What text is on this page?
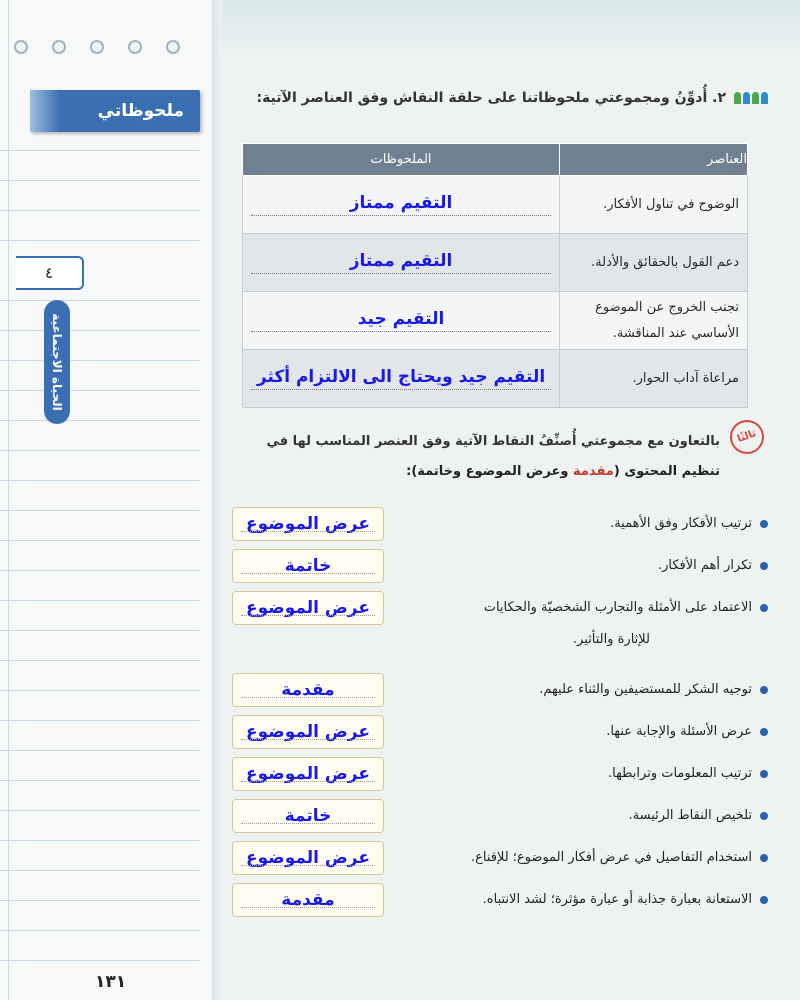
ملحوظاتي
٤
الحياة الاجتماعية
١٣١
٢. أُدوِّنُ ومجموعتي ملحوظاتنا على حلقة النقاش وفق العناصر الآتية:
العناصر	الملحوظات
الوضوح في تناول الأفكار.	التقيم ممتاز
دعم القول بالحقائق والأدلة.	التقيم ممتاز
تجنب الخروج عن الموضوع الأساسي عند المناقشة.	التقيم جيد
مراعاة آداب الحوار.	التقيم جيد ويحتاج الى الالتزام أكثر
ثالثًا
بالتعاون مع مجموعتي أُصنِّفُ النقاط الآتية وفق العنصر المناسب لها في
تنظيم المحتوى (مقدمة وعرض الموضوع وخاتمة):
ترتيب الأفكار وفق الأهمية.
عرض الموضوع
تكرار أهم الأفكار.
خاتمة
الاعتماد على الأمثلة والتجارب الشخصيّة والحكايات
عرض الموضوع
للإثارة والتأثير.
توجيه الشكر للمستضيفين والثناء عليهم.
مقدمة
عرض الأسئلة والإجابة عنها.
عرض الموضوع
ترتيب المعلومات وترابطها.
عرض الموضوع
تلخيص النقاط الرئيسة.
خاتمة
استخدام التفاصيل في عرض أفكار الموضوع؛ للإقناع.
عرض الموضوع
الاستعانة بعبارة جذابة أو عبارة مؤثرة؛ لشد الانتباه.
مقدمة
